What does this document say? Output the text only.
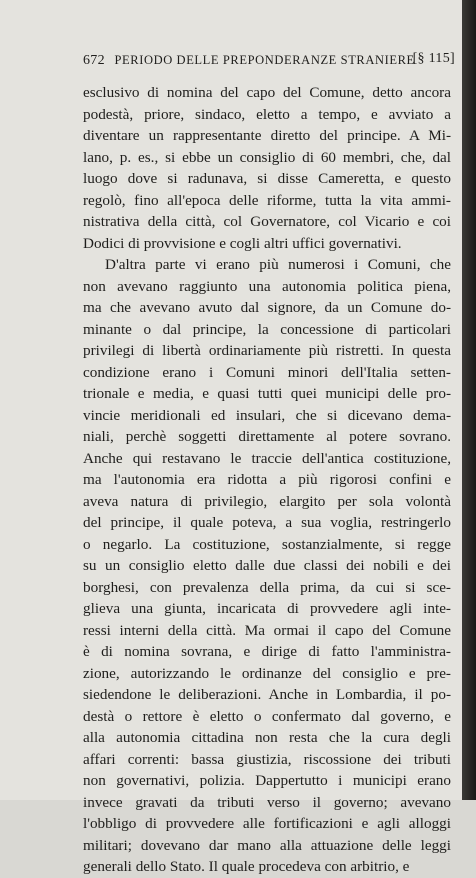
672 PERIODO DELLE PREPONDERANZE STRANIERE
[§ 115]
esclusivo di nomina del capo del Comune, detto ancora
podestà, priore, sindaco, eletto a tempo, e avviato a
diventare un rappresentante diretto del principe. A Mi-
lano, p. es., si ebbe un consiglio di 60 membri, che, dal
luogo dove si radunava, si disse Cameretta, e questo
regolò, fino all'epoca delle riforme, tutta la vita ammi-
nistrativa della città, col Governatore, col Vicario e coi
Dodici di provvisione e cogli altri uffici governativi.
D'altra parte vi erano più numerosi i Comuni, che
non avevano raggiunto una autonomia politica piena,
ma che avevano avuto dal signore, da un Comune do-
minante o dal principe, la concessione di particolari
privilegi di libertà ordinariamente più ristretti. In questa
condizione erano i Comuni minori dell'Italia setten-
trionale e media, e quasi tutti quei municipi delle pro-
vincie meridionali ed insulari, che si dicevano dema-
niali, perchè soggetti direttamente al potere sovrano.
Anche qui restavano le traccie dell'antica costituzione,
ma l'autonomia era ridotta a più rigorosi confini e
aveva natura di privilegio, elargito per sola volontà
del principe, il quale poteva, a sua voglia, restringerlo
o negarlo. La costituzione, sostanzialmente, si regge
su un consiglio eletto dalle due classi dei nobili e dei
borghesi, con prevalenza della prima, da cui si sce-
glieva una giunta, incaricata di provvedere agli inte-
ressi interni della città. Ma ormai il capo del Comune
è di nomina sovrana, e dirige di fatto l'amministra-
zione, autorizzando le ordinanze del consiglio e pre-
siedendone le deliberazioni. Anche in Lombardia, il po-
destà o rettore è eletto o confermato dal governo, e
alla autonomia cittadina non resta che la cura degli
affari correnti: bassa giustizia, riscossione dei tributi
non governativi, polizia. Dappertutto i municipi erano
invece gravati da tributi verso il governo; avevano
l'obbligo di provvedere alle fortificazioni e agli alloggi
militari; dovevano dar mano alla attuazione delle leggi
generali dello Stato. Il quale procedeva con arbitrio, e
